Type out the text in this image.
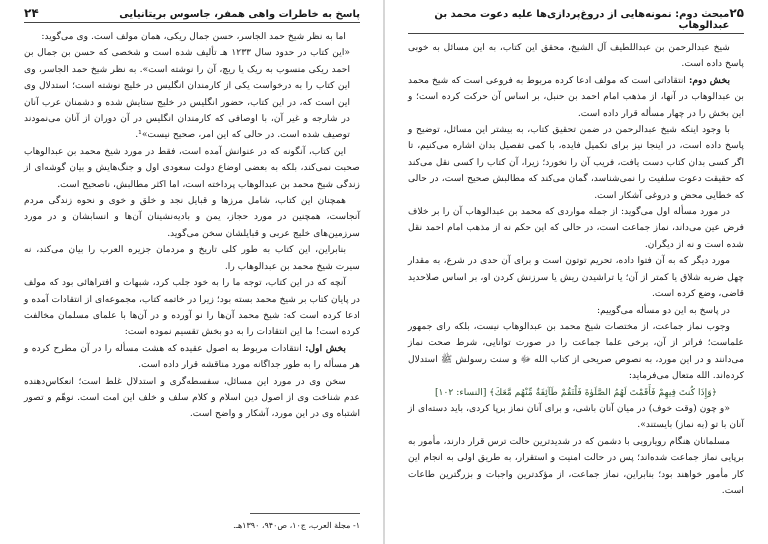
۲۴	پاسخ به خاطرات واهی همفر، جاسوس بریتانیایی

اما به نظر شیخ حمد الجاسر، حسن جمال ریکی، همان مولف است. وی می‌گوید:

«این کتاب در حدود سال ۱۲۳۳ هـ تألیف شده است و شخصی که حسن بن جمال بن احمد ریکی منسوب به ریک یا ریچ، آن را نوشته است». به نظر شیخ حمد الجاسر، وی این کتاب را به درخواست یکی از کارمندان انگلیس در خلیج نوشته است؛ استدلال وی این است که، در این کتاب، حضور انگلیس در خلیج ستایش شده و دشمنان عرب آنان در شارجه و غیر آن، با اوصافی که کارمندان انگلیس در آن دوران از آنان می‌نمودند توصیف شده است. در حالی که این امر، صحیح نیست»¹.

این کتاب، آنگونه که در عنوانش آمده است، فقط در مورد شیخ محمد بن عبدالوهاب صحبت نمی‌کند، بلکه به بعضی اوضاع دولت سعودی اول و جنگ‌هایش و بیان گوشه‌ای از زندگی شیخ محمد بن عبدالوهاب پرداخته است، اما اکثر مطالبش، ناصحیح است.

همچنان این کتاب، شامل مرزها و قبایل نجد و خلق و خوی و نحوه زندگی مردم آنجاست، همچنین در مورد حجاز، یمن و بادیه‌نشینان آن‌ها و انسابشان و در مورد سرزمین‌های خلیج عربی و قبایلشان سخن می‌گوید.

بنابراین، این کتاب به طور کلی تاریخ و مردمان جزیره العرب را بیان می‌کند، نه سیرت شیخ محمد بن عبدالوهاب را.

آنچه که در این کتاب، توجه ما را به خود جلب کرد، شبهات و افتراهائی بود که مولف در پایان کتاب بر شیخ محمد بسته بود؛ زیرا در خاتمه کتاب، مجموعه‌ای از انتقادات آمده و ادعا کرده است که: شیخ محمد آن‌ها را نو آورده و در آن‌ها با علمای مسلمان مخالفت کرده است! ما این انتقادات را به دو بخش تقسیم نموده است:

بخش اول: انتقادات مربوط به اصول عقیده که هشت مسأله را در آن مطرح کرده و هر مسأله را به طور جداگانه مورد مناقشه قرار داده است.

سخن وی در مورد این مسائل، سفسطه‌گری و استدلال غلط است؛ انعکاس‌دهنده عدم شناخت وی از اصول دین اسلام و کلام سلف و خلف این امت است. نوهّم و تصور اشتباه وی در این مورد، آشکار و واضح است.

۱- مجلة العرب، ج۱۰، ص۹۴۰، ۱۳۹۰هـ.
مبحث دوم: نمونه‌هایی از دروغ‌پردازی‌ها علیه دعوت محمد بن عبدالوهاب
۲۵

شیخ عبدالرحمن بن عبداللطیف آل الشیخ، محقق این کتاب، به این مسائل به خوبی پاسخ داده است.

بخش دوم: انتقاداتی است که مولف ادعا کرده مربوط به فروعی است که شیخ محمد بن عبدالوهاب در آنها، از مذهب امام احمد بن حنبل، بر اساس آن حرکت کرده است؛ و این بخش را در چهار مسأله قرار داده است.

با وجود اینکه شیخ عبدالرحمن در ضمن تحقیق کتاب، به بیشتر این مسائل، توضیح و پاسخ داده است، در اینجا نیز برای تکمیل فایده، با کمی تفصیل بدان اشاره می‌کنیم، تا اگر کسی بدان کتاب دست یافت، فریب آن را نخورد؛ زیرا، آن کتاب را کسی نقل می‌کند که حقیقت دعوت سلفیت را نمی‌شناسد، گمان می‌کند که مطالبش صحیح است، در حالی که خطایی محض و دروغی آشکار است.

در مورد مسأله اول می‌گوید: از جمله مواردی که محمد بن عبدالوهاب آن را بر خلاف فرض عین می‌داند، نماز جماعت است، در حالی که این حکم نه از مذهب امام احمد نقل شده است و نه از دیگران.

مورد دیگر که به آن فتوا داده، تحریم توتون است و برای آن حدی در شرع، به مقدار چهل ضربه شلاق یا کمتر از آن؛ یا تراشیدن ریش یا سرزنش کردن او، بر اساس صلاحدید قاضی، وضع کرده است.

در پاسخ به این دو مسأله می‌گوییم:

وجوب نماز جماعت، از مختصات شیخ محمد بن عبدالوهاب نیست، بلکه رای جمهور علماست؛ فراتر از آن، برخی علما جماعت را در صورت توانایی، شرط صحت نماز می‌دانند و در این مورد، به نصوص صریحی از کتاب الله ﷻ و سنت رسولش ﷺ استدلال کرده‌اند. الله متعال می‌فرماید:

﴿وَإِذَا كُنتَ فِيهِمْ فَأَقَمْتَ لَهُمُ الصَّلَوٰةَ فَلْتَقُمْ طَآئِفَةٌ مِّنْهُم مَّعَكَ﴾ [النساء: ۱۰۲]

«و چون (وقت خوف) در میان آنان باشی، و برای آنان نماز برپا کردی، باید دسته‌ای از آنان با تو (به نماز) بایستند».

مسلمانان هنگام رویارویی با دشمن که در شدیدترین حالت ترس قرار دارند، مأمور به برپایی نماز جماعت شده‌اند؛ پس در حالت امنیت و استقرار، به طریق اولی به انجام این کار مأمور خواهند بود؛ بنابراین، نماز جماعت، از مؤکدترین واجبات و بزرگترین طاعات است.
